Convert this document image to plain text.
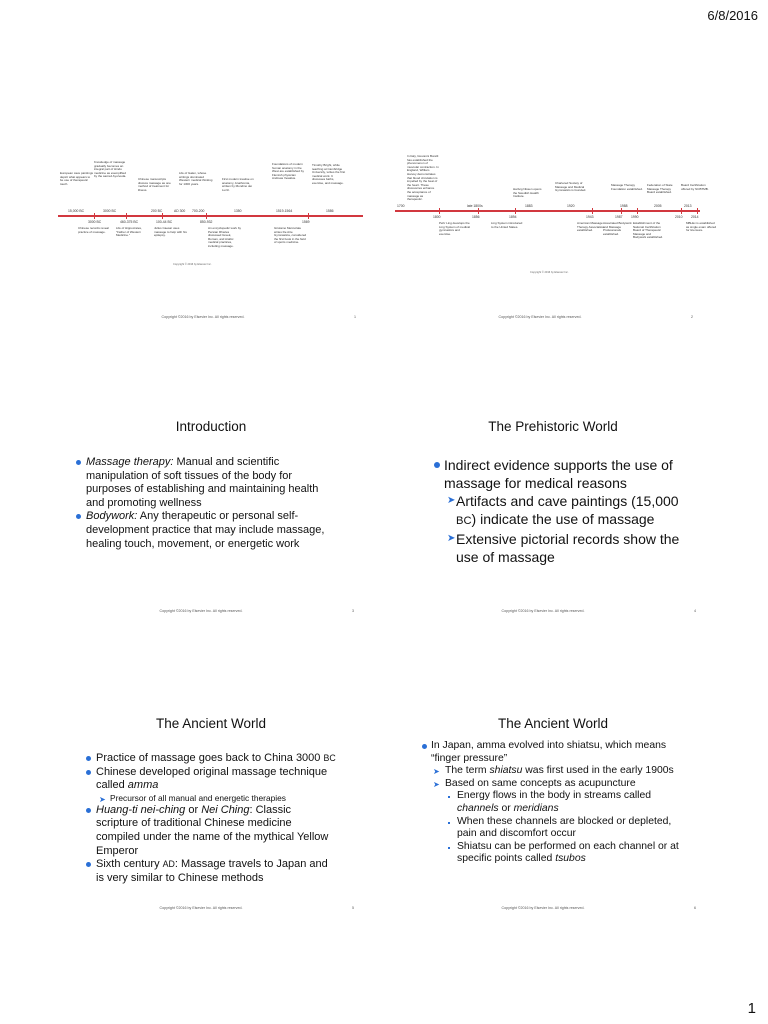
6/8/2016
1
European cave paintings depict what appears to be use of therapeutic touch.
Knowledge of massage gradually becomes an integral part of Hindu medicine as exemplified by the sacred Ayurveda.
Chinese manuscripts discuss massage as one method of treatment for illness.
Life of Galen, whose writings dominated Western medical thinking for 1300 years.
First modern treatise on anatomy, Anathomia, written by Mondino dei Luzzi.
Foundations of modern human anatomy in the West are established by Flemish physician Andreas Vesalius.
Timothy Bright, while teaching at Cambridge University, writes the first medical work. It discusses baths, exercise, and massage.
15,000 BC	3000 BC	200 BC	AD 300 700-200	1350	1519-1564	1586
3000 BC	460-375 BC	100-44 BC	850-932	1569
Chinese records reveal practice of massage.
Life of Hippocrates, "Father of Western Medicine."
Julius Caesar uses massage to help with his epilepsy.
An encyclopedic work by Persian Rhazes discussed Greek, Roman, and Arabic medical practices, including massage.
Girolamo Mercuriale writes De Arte Gymnastica, considered the first book in the field of sports medicine.
Copyright © 2016 by Elsevier Inc.
Copyright ©2016 by Elsevier Inc. All rights reserved.	1
In Italy, Giovanni Borelli has established the phenomenon of muscular contraction. In England, William Harvey demonstrates that blood circulation is impelled by the beat of the heart. These discoveries enhance the acceptance of massage as therapeutic.
Hartvig Nissen opens the Swedish Health Institute.
Chartered Society of Massage and Medical Gymnastics is founded.
Massage Therapy Foundation established.
Federation of State Massage Therapy Board established.
Board Certification offered by NCBTMB.
1700	late 1800s	1883	1920	1988	2005	2013
1800	1856	1894	1943	1987 1990	2010 2014
Pehr Ling develops the Ling System of medical gymnastics and exercise.
Ling System introduced to the United States.
American Massage Therapy Association established.
Associated Bodywork and Massage Professionals established.
Establishment of the National Certification Board of Therapeutic Massage and Bodywork established.
MBLEx is established as single exam offered for licensure.
Copyright © 2016 by Elsevier Inc.
Copyright ©2016 by Elsevier Inc. All rights reserved.	2
Introduction
Massage therapy: Manual and scientific manipulation of soft tissues of the body for purposes of establishing and maintaining health and promoting wellness
Bodywork: Any therapeutic or personal self-development practice that may include massage, healing touch, movement, or energetic work
Copyright ©2016 by Elsevier Inc. All rights reserved.	3
The Prehistoric World
Indirect evidence supports the use of massage for medical reasons
➤ Artifacts and cave paintings (15,000 BC) indicate the use of massage
➤ Extensive pictorial records show the use of massage
Copyright ©2016 by Elsevier Inc. All rights reserved.	4
The Ancient World
Practice of massage goes back to China 3000 BC
Chinese developed original massage technique called amma
➤ Precursor of all manual and energetic therapies
Huang-ti nei-ching or Nei Ching: Classic scripture of traditional Chinese medicine compiled under the name of the mythical Yellow Emperor
Sixth century AD: Massage travels to Japan and is very similar to Chinese methods
Copyright ©2016 by Elsevier Inc. All rights reserved.	5
The Ancient World
In Japan, amma evolved into shiatsu, which means “finger pressure”
➤ The term shiatsu was first used in the early 1900s
➤ Based on same concepts as acupuncture
Energy flows in the body in streams called channels or meridians
When these channels are blocked or depleted, pain and discomfort occur
Shiatsu can be performed on each channel or at specific points called tsubos
Copyright ©2016 by Elsevier Inc. All rights reserved.	6
